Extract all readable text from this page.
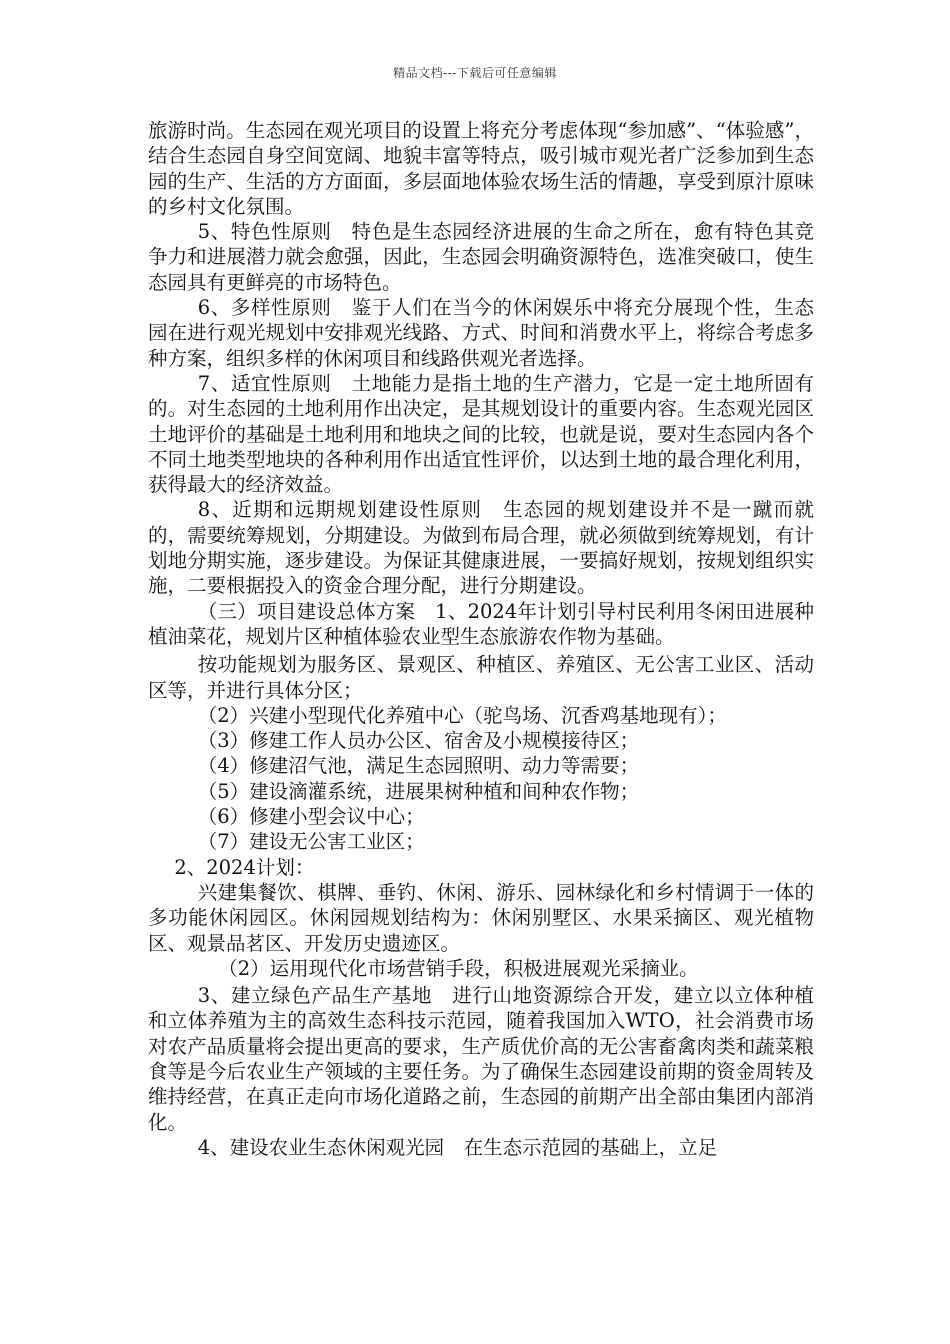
精品文档---下载后可任意编辑

旅游时尚。生态园在观光项目的设置上将充分考虑体现“参加感”、“体验感”，结合生态园自身空间宽阔、地貌丰富等特点，吸引城市观光者广泛参加到生态园的生产、生活的方方面面，多层面地体验农场生活的情趣，享受到原汁原味的乡村文化氛围。

5、特色性原则　特色是生态园经济进展的生命之所在，愈有特色其竞争力和进展潜力就会愈强，因此，生态园会明确资源特色，选准突破口，使生态园具有更鲜亮的市场特色。

6、多样性原则　鉴于人们在当今的休闲娱乐中将充分展现个性，生态园在进行观光规划中安排观光线路、方式、时间和消费水平上，将综合考虑多种方案，组织多样的休闲项目和线路供观光者选择。

7、适宜性原则　土地能力是指土地的生产潜力，它是一定土地所固有的。对生态园的土地利用作出决定，是其规划设计的重要内容。生态观光园区土地评价的基础是土地利用和地块之间的比较，也就是说，要对生态园内各个不同土地类型地块的各种利用作出适宜性评价，以达到土地的最合理化利用，获得最大的经济效益。

8、近期和远期规划建设性原则　生态园的规划建设并不是一蹴而就的，需要统筹规划，分期建设。为做到布局合理，就必须做到统筹规划，有计划地分期实施，逐步建设。为保证其健康进展，一要搞好规划，按规划组织实施，二要根据投入的资金合理分配，进行分期建设。

（三）项目建设总体方案　1、2024年计划引导村民利用冬闲田进展种植油菜花，规划片区种植体验农业型生态旅游农作物为基础。

按功能规划为服务区、景观区、种植区、养殖区、无公害工业区、活动区等，并进行具体分区；

（2）兴建小型现代化养殖中心（驼鸟场、沉香鸡基地现有）；

（3）修建工作人员办公区、宿舍及小规模接待区；

（4）修建沼气池，满足生态园照明、动力等需要；

（5）建设滴灌系统，进展果树种植和间种农作物；

（6）修建小型会议中心；

（7）建设无公害工业区；

2、2024计划：

兴建集餐饮、棋牌、垂钓、休闲、游乐、园林绿化和乡村情调于一体的多功能休闲园区。休闲园规划结构为：休闲别墅区、水果采摘区、观光植物区、观景品茗区、开发历史遗迹区。

（2）运用现代化市场营销手段，积极进展观光采摘业。

3、建立绿色产品生产基地　进行山地资源综合开发，建立以立体种植和立体养殖为主的高效生态科技示范园，随着我国加入WTO，社会消费市场对农产品质量将会提出更高的要求，生产质优价高的无公害畜禽肉类和蔬菜粮食等是今后农业生产领域的主要任务。为了确保生态园建设前期的资金周转及维持经营，在真正走向市场化道路之前，生态园的前期产出全部由集团内部消化。

4、建设农业生态休闲观光园　在生态示范园的基础上，立足
